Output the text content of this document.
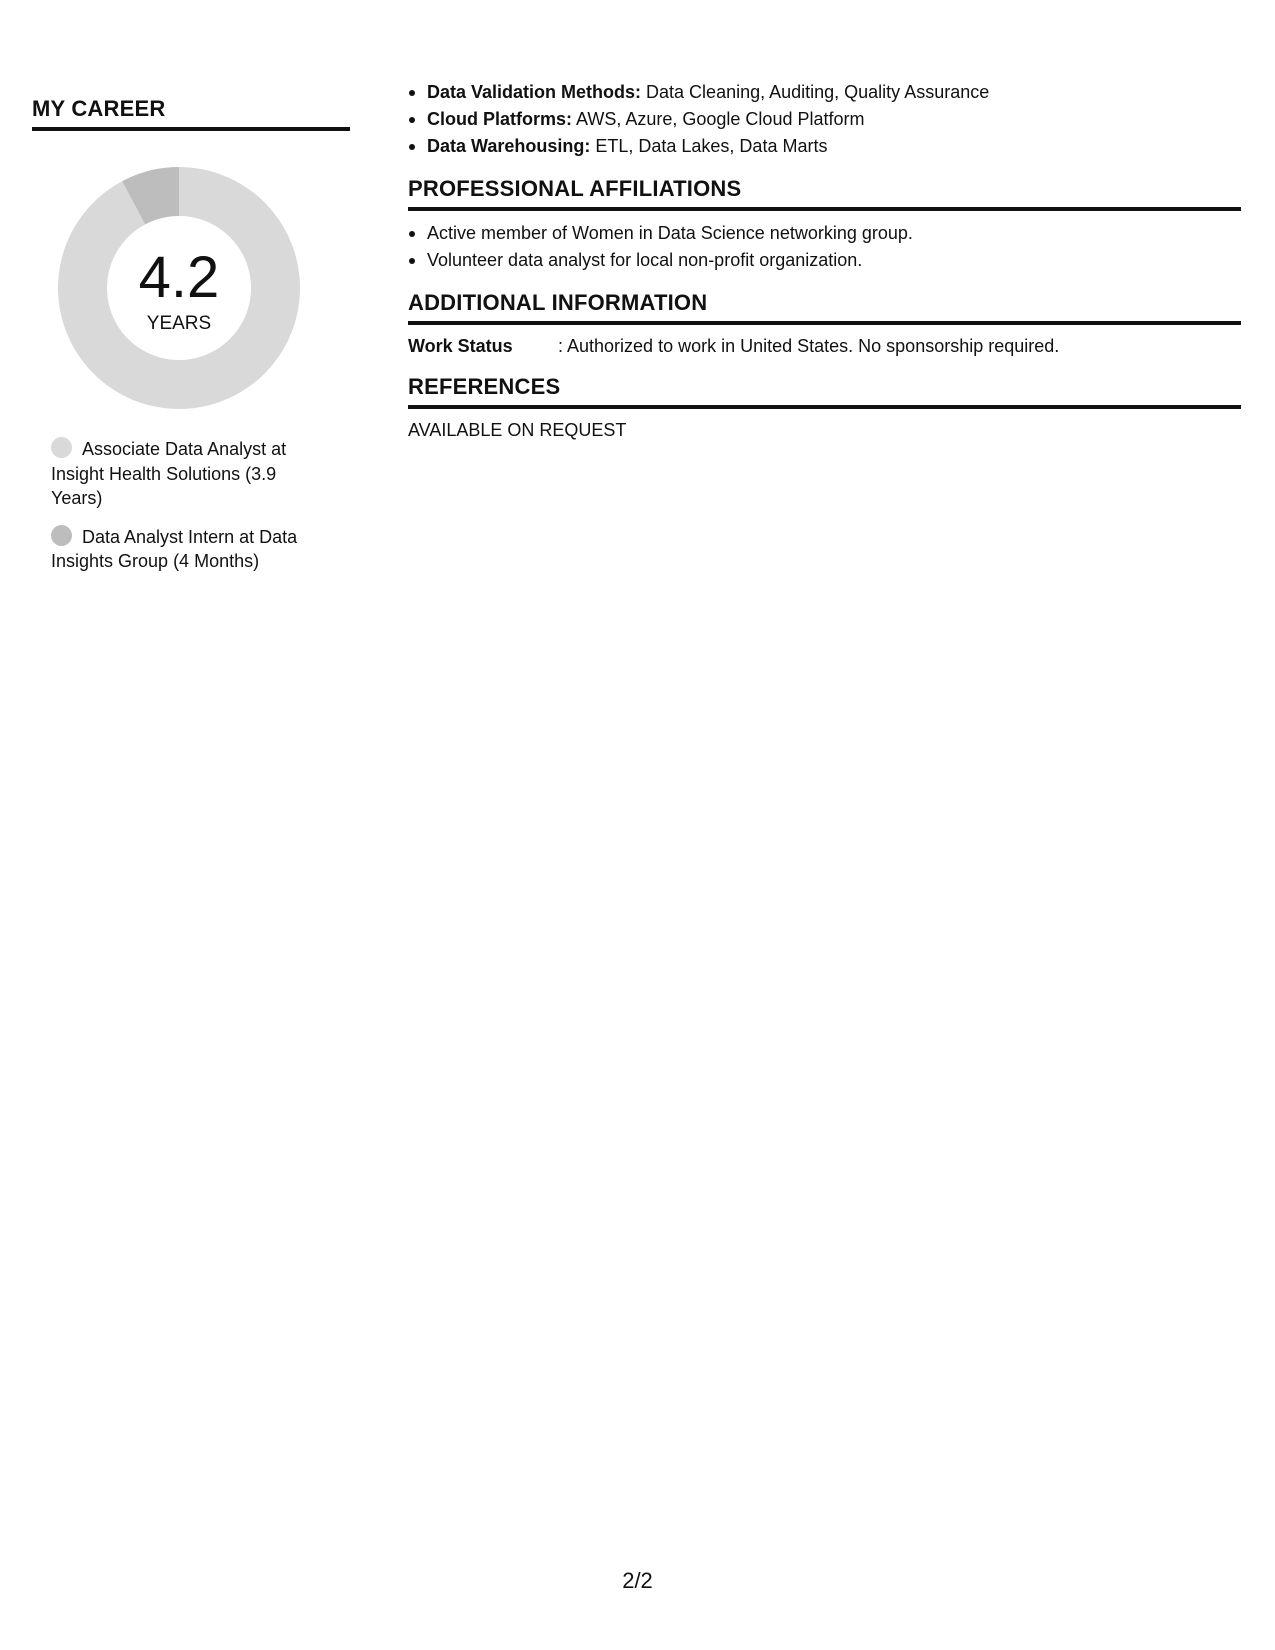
MY CAREER
4.2
YEARS
Associate Data Analyst at Insight Health Solutions (3.9 Years)
Data Analyst Intern at Data Insights Group (4 Months)
Data Validation Methods: Data Cleaning, Auditing, Quality Assurance
Cloud Platforms: AWS, Azure, Google Cloud Platform
Data Warehousing: ETL, Data Lakes, Data Marts
PROFESSIONAL AFFILIATIONS
Active member of Women in Data Science networking group.
Volunteer data analyst for local non-profit organization.
ADDITIONAL INFORMATION
Work Status	: Authorized to work in United States. No sponsorship required.
REFERENCES
AVAILABLE ON REQUEST
2/2
